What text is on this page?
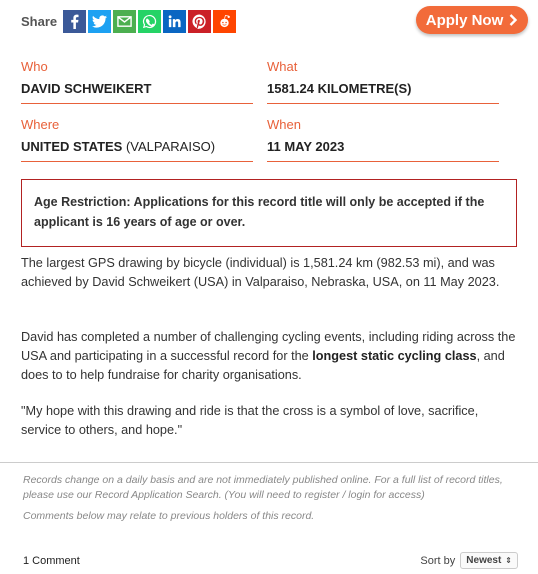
Share	Apply Now
Who
DAVID SCHWEIKERT
What
1581.24 KILOMETRE(S)
Where
UNITED STATES (VALPARAISO)
When
11 MAY 2023
Age Restriction: Applications for this record title will only be accepted if the applicant is 16 years of age or over.
The largest GPS drawing by bicycle (individual) is 1,581.24 km (982.53 mi), and was achieved by David Schweikert (USA) in Valparaiso, Nebraska, USA, on 11 May 2023.
David has completed a number of challenging cycling events, including riding across the USA and participating in a successful record for the longest static cycling class, and does to to help fundraise for charity organisations.
"My hope with this drawing and ride is that the cross is a symbol of love, sacrifice, service to others, and hope."
Records change on a daily basis and are not immediately published online. For a full list of record titles, please use our Record Application Search. (You will need to register / login for access)
Comments below may relate to previous holders of this record.
1 Comment	Sort by Newest ⇕
